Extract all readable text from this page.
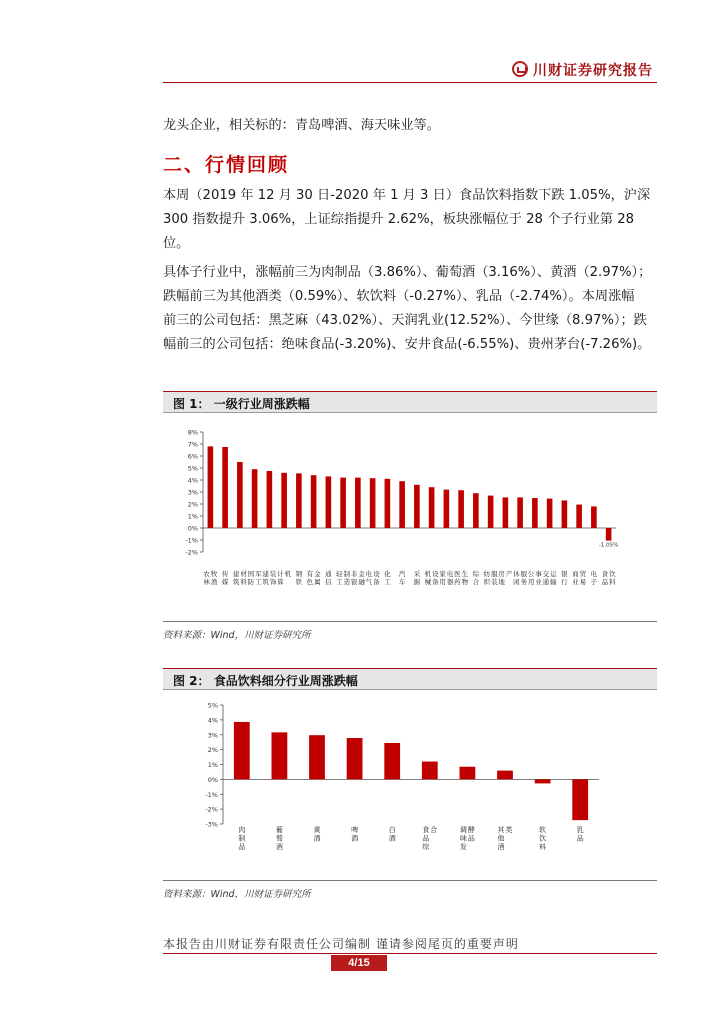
川财证券研究报告
龙头企业，相关标的：青岛啤酒、海天味业等。
二、行情回顾
本周（2019 年 12 月 30 日-2020 年 1 月 3 日）食品饮料指数下跌 1.05%，沪深
300 指数提升 3.06%，上证综指提升 2.62%，板块涨幅位于 28 个子行业第 28
位。
具体子行业中，涨幅前三为肉制品（3.86%）、葡萄酒（3.16%）、黄酒（2.97%）；
跌幅前三为其他酒类（0.59%）、软饮料（-0.27%）、乳品（-2.74%）。本周涨幅
前三的公司包括：黑芝麻（43.02%）、天润乳业(12.52%）、今世缘（8.97%）；跌
幅前三的公司包括：绝味食品(-3.20%)、安井食品(-6.55%)、贵州茅台(-7.26%)。
图 1： 一级行业周涨跌幅
8%
7%
6%
5%
4%
3%
2%
1%
0%
-1%
-2%
农林牧渔
传媒
建筑材料
国防军工
建筑装饰
计算机 钢铁
有色金属
通信
轻工制造
非银金融
电气设备
化工
汽车
采掘
机械设备
家用电器
医药生物
综合
纺织服装
房地产 休闲服务
公用事业
交通运输
银行
商业贸易
电子
食品饮料
-1.05%
资料来源：Wind，川财证券研究所
图 2： 食品饮料细分行业周涨跌幅
5%
4%
3%
2%
1%
0%
-1%
-2%
-3%
肉制品
葡萄酒
黄酒
啤酒
白酒
食品综合	调味发酵品
其他酒类	软饮料
乳品
资料来源：Wind，川财证券研究所
本报告由川财证券有限责任公司编制 谨请参阅尾页的重要声明
4/15
